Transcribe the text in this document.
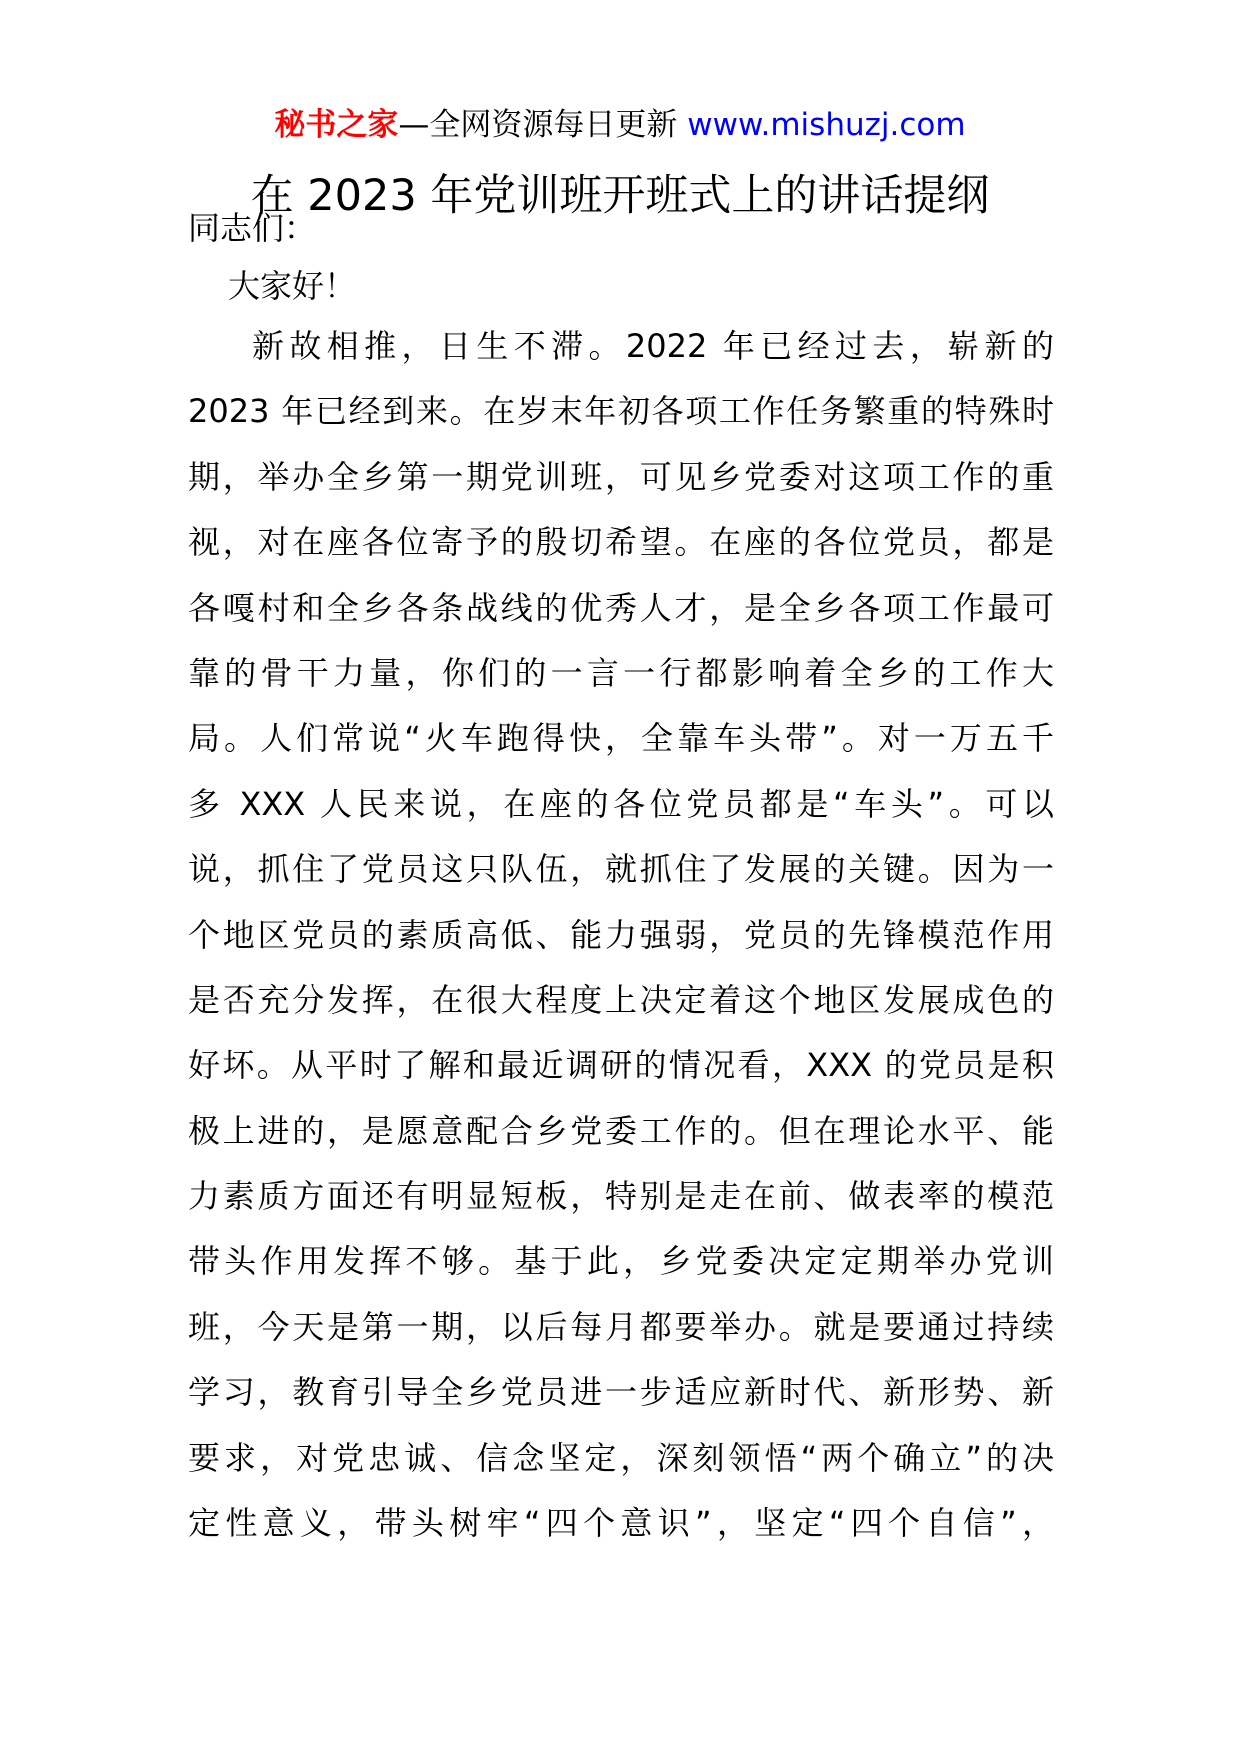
秘书之家—全网资源每日更新 www.mishuzj.com
在 2023 年党训班开班式上的讲话提纲
同志们：
大家好！
新故相推，日生不滞。2022 年已经过去，崭新的
2023 年已经到来。在岁末年初各项工作任务繁重的特殊时
期，举办全乡第一期党训班，可见乡党委对这项工作的重
视，对在座各位寄予的殷切希望。在座的各位党员，都是
各嘎村和全乡各条战线的优秀人才，是全乡各项工作最可
靠的骨干力量，你们的一言一行都影响着全乡的工作大
局。人们常说“火车跑得快，全靠车头带”。对一万五千
多 XXX 人民来说，在座的各位党员都是“车头”。可以
说，抓住了党员这只队伍，就抓住了发展的关键。因为一
个地区党员的素质高低、能力强弱，党员的先锋模范作用
是否充分发挥，在很大程度上决定着这个地区发展成色的
好坏。从平时了解和最近调研的情况看，XXX 的党员是积
极上进的，是愿意配合乡党委工作的。但在理论水平、能
力素质方面还有明显短板，特别是走在前、做表率的模范
带头作用发挥不够。基于此，乡党委决定定期举办党训
班，今天是第一期，以后每月都要举办。就是要通过持续
学习，教育引导全乡党员进一步适应新时代、新形势、新
要求，对党忠诚、信念坚定，深刻领悟“两个确立”的决
定性意义，带头树牢“四个意识”，坚定“四个自信”，
